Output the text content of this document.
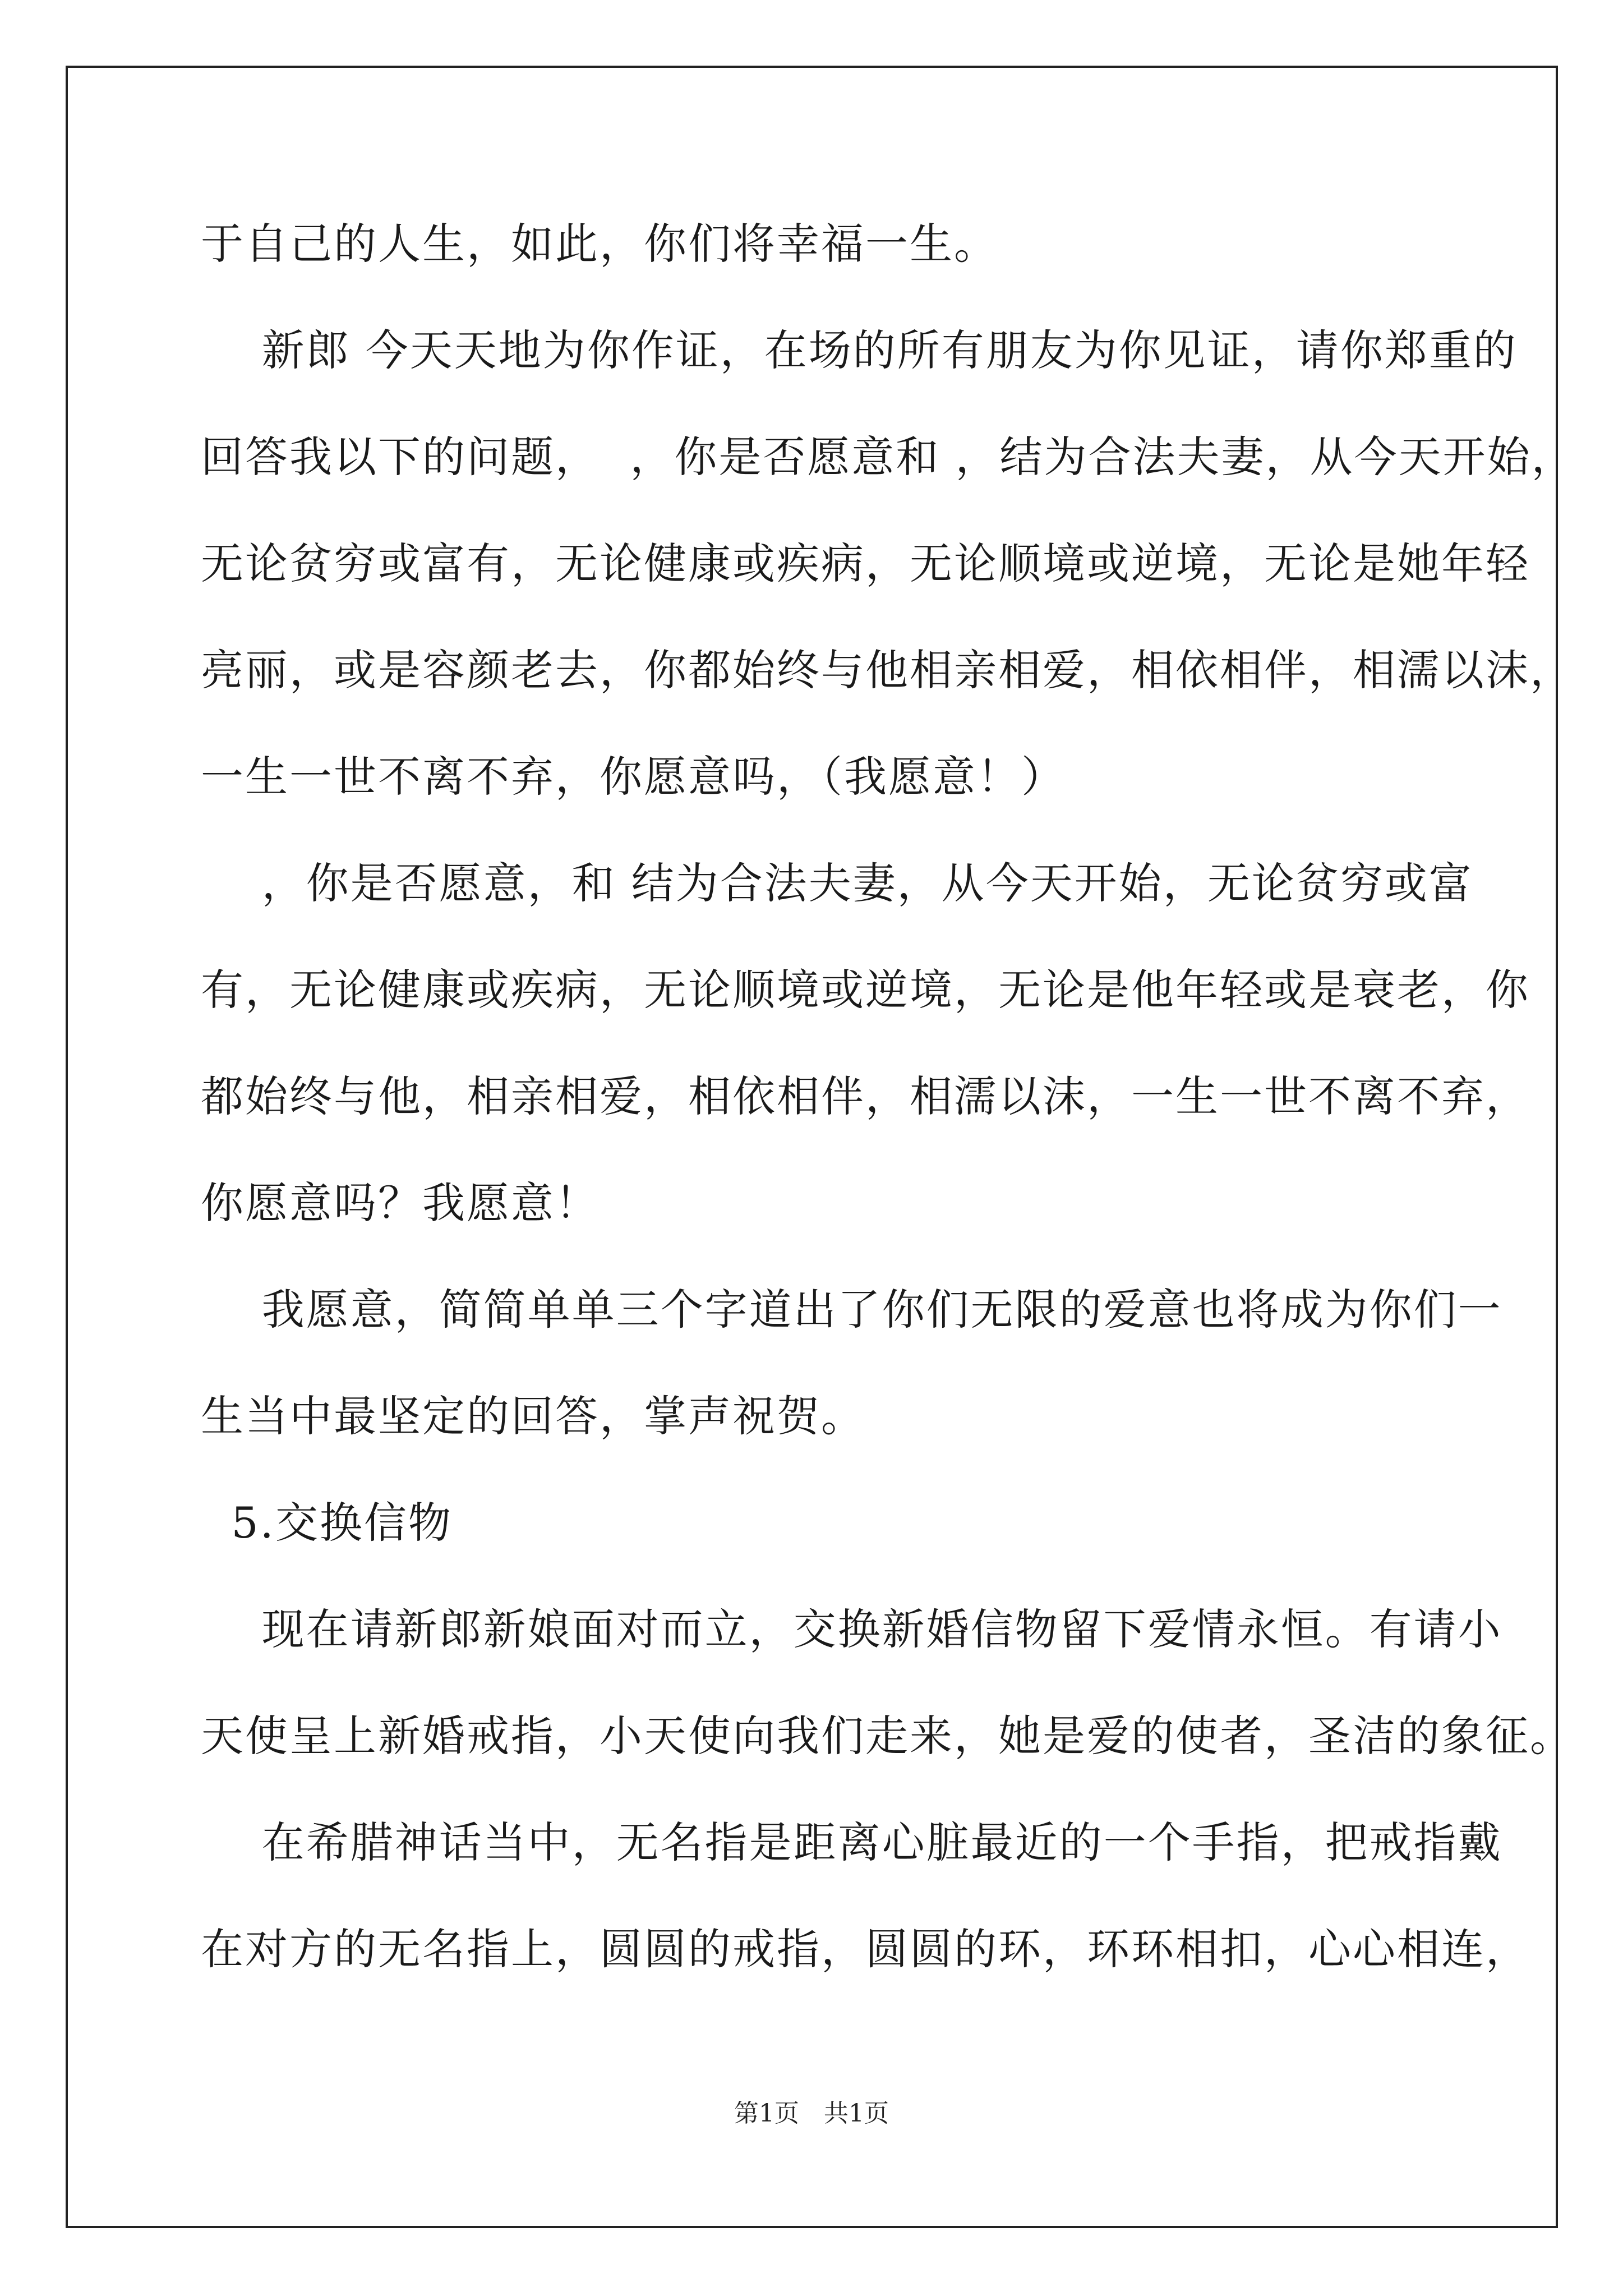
于自己的人生，如此，你们将幸福一生。
新郎 今天天地为你作证，在场的所有朋友为你见证，请你郑重的
回答我以下的问题，  ，你是否愿意和 ，结为合法夫妻，从今天开始，
无论贫穷或富有，无论健康或疾病，无论顺境或逆境，无论是她年轻
亮丽，或是容颜老去，你都始终与他相亲相爱，相依相伴，相濡以沫，
一生一世不离不弃，你愿意吗，（我愿意！）
，你是否愿意，和 结为合法夫妻，从今天开始，无论贫穷或富
有，无论健康或疾病，无论顺境或逆境，无论是他年轻或是衰老，你
都始终与他，相亲相爱，相依相伴，相濡以沫，一生一世不离不弃，
你愿意吗？我愿意！
我愿意，简简单单三个字道出了你们无限的爱意也将成为你们一
生当中最坚定的回答，掌声祝贺。
5.交换信物
现在请新郎新娘面对而立，交换新婚信物留下爱情永恒。有请小
天使呈上新婚戒指，小天使向我们走来，她是爱的使者，圣洁的象征。
在希腊神话当中，无名指是距离心脏最近的一个手指，把戒指戴
在对方的无名指上，圆圆的戒指，圆圆的环，环环相扣，心心相连，
第1页　共1页
